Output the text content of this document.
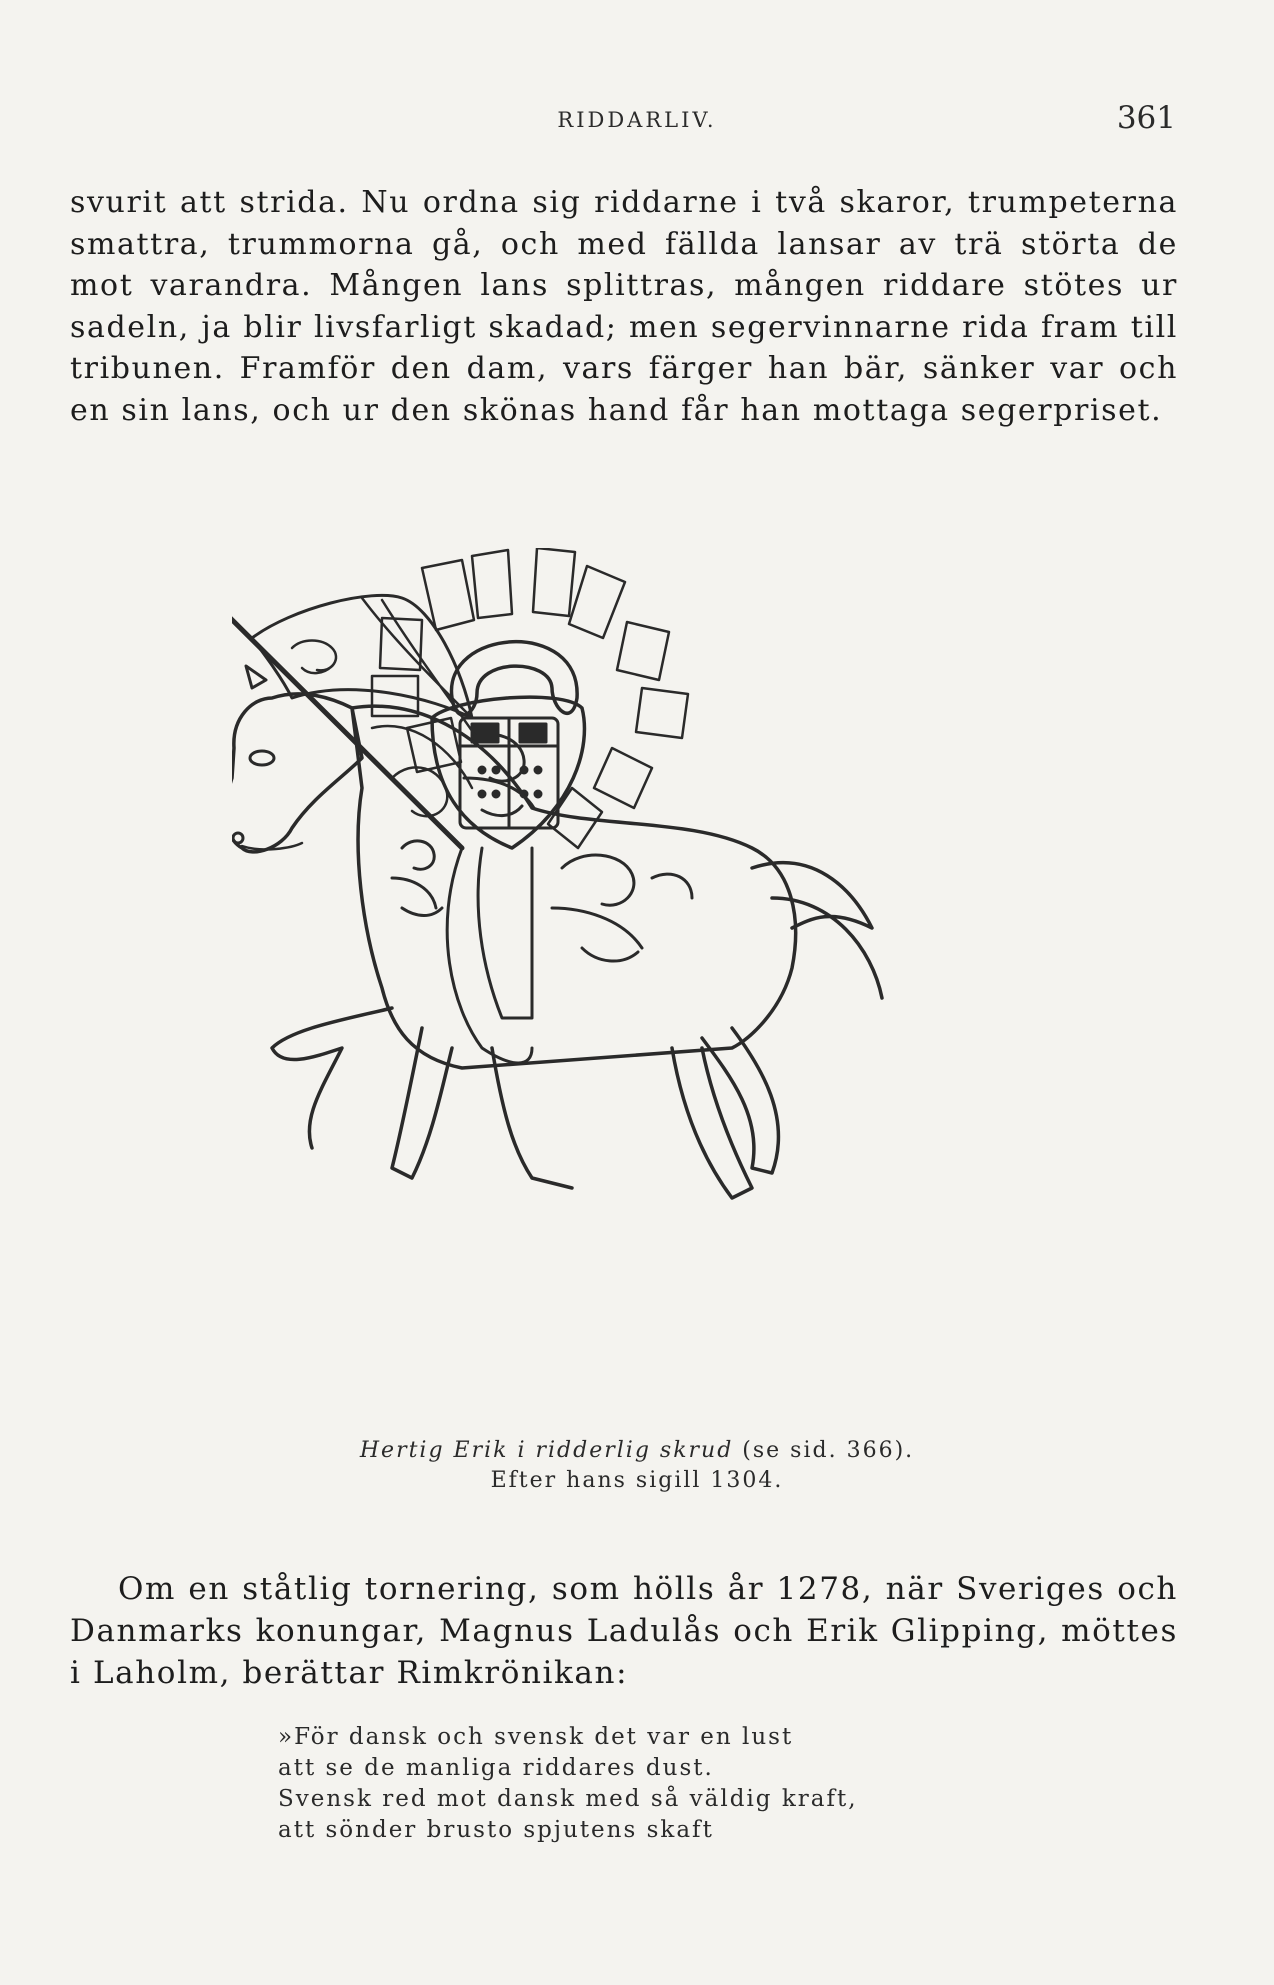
RIDDARLIV.	361

svurit att strida. Nu ordna sig riddarne i två skaror, trumpeterna smattra, trummorna gå, och med fällda lansar av trä störta de mot varandra. Mången lans splittras, mången riddare stötes ur sadeln, ja blir livsfarligt skadad; men segervinnarne rida fram till tribunen. Framför den dam, vars färger han bär, sänker var och en sin lans, och ur den skönas hand får han mottaga segerpriset.

Hertig Erik i ridderlig skrud (se sid. 366).
Efter hans sigill 1304.

Om en ståtlig tornering, som hölls år 1278, när Sveriges och Danmarks konungar, Magnus Ladulås och Erik Glipping, möttes i Laholm, berättar Rimkrönikan:

»För dansk och svensk det var en lust
att se de manliga riddares dust.
Svensk red mot dansk med så väldig kraft,
att sönder brusto spjutens skaft
